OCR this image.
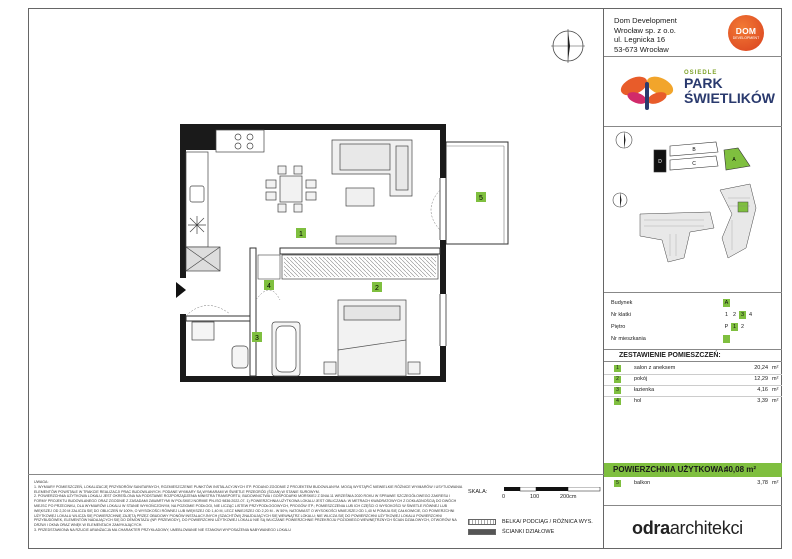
1
2
3
4
5
Dom Development
Wrocław sp. z o.o.
ul. Legnicka 16
53-673 Wrocław
DOM
DEVELOPMENT
OSIEDLE
PARK
ŚWIETLIKÓW
D
B
C
A
Budynek	A
Nr klatki	1 2 3 4
Piętro	P 1 2
Nr mieszkania
ZESTAWIENIE POMIESZCZEŃ:
1	salon z aneksem	20,24 m²
2	pokój	12,29 m²
3	łazienka	4,16 m²
4	hol	3,39 m²
POWIERZCHNIA UŻYTKOWA:
40,08 m²
5	balkon	3,78 m²
odraarchitekci
UWAGA:
1. WYMIARY POMIESZCZEŃ, LOKALIZACJĘ PRZYBORÓW SANITARNYCH, ROZMIESZCZENIE PUNKTÓW INSTALACYJNYCH ITP. PODANO ZGODNIE Z PROJEKTEM BUDOWLANYM. MOGĄ WYSTĄPIĆ NIEWIELKIE RÓŻNICE WYMIARÓW I USYTUOWANIA ELEMENTÓW POWSTAŁE W TRAKCIE REALIZACJI PRAC BUDOWLANYCH. PODANE WYMIARY SĄ WYMIARAMI W ŚWIETLE PRZEGRÓD (ŚCIAN) W STANIE SUROWYM.
2. POWIERZCHNIA UŻYTKOWA LOKALU JEST OKREŚLONA NA PODSTAWIE ROZPORZĄDZENIA MINISTRA TRANSPORTU, BUDOWNICTWA I GOSPODARKI MORSKIEJ Z DNIA 11 WRZEŚNIA 2020 ROKU W SPRAWIE SZCZEGÓŁOWEGO ZAKRESU I FORMY PROJEKTU BUDOWLANEGO ORAZ ZGODNIE Z ZASADAMI ZAWARTYMI W POLSKIEJ NORMIE PN-ISO 9836:2022-07. 1) POWIERZCHNIA UŻYTKOWA LOKALU JEST OBLICZANA: W METRACH KWADRATOWYCH Z DOKŁADNOŚCIĄ DO DWÓCH MIEJSC PO PRZECINKU, DLA WYMIARÓW LOKALU W STANIE WYKOŃCZONYM, NA POZIOMIE PODŁOGI, NIE LICZĄC LISTEW PRZYPODŁOGOWYCH, PROGÓW ITP.; POMIESZCZENIA LUB ICH CZĘŚCI O WYSOKOŚCI W ŚWIETLE RÓWNEJ LUB WIĘKSZEJ OD 2,20 M ZALICZA SIĘ DO OBLICZEŃ W 100%, O WYSOKOŚCI RÓWNEJ LUB WIĘKSZEJ OD 1,40 M, LECZ MNIEJSZEJ OD 2,20 M - W 50%, NATOMIAST O WYSOKOŚCI MNIEJSZEJ OD 1,40 M POMIJA SIĘ CAŁKOWICIE, DO POWIERZCHNI UŻYTKOWEJ LOKALU WLICZA SIĘ POWIERZCHNIĘ ZAJĘTĄ PRZEZ OBUDOWY PIONÓW INSTALACYJNYCH (SZACHTÓW) ZNAJDUJĄCYCH SIĘ WEWNĄTRZ LOKALU; NIE WLICZA SIĘ DO POWIERZCHNI UŻYTKOWEJ LOKALU POWIERZCHNI PRZYBUDÓWEK, ELEMENTÓW NADAJĄCYCH SIĘ DO DEMONTAŻU (NP. PRZEWODY), DO POWIERZCHNI UŻYTKOWEJ LOKALU NIE SĄ WLICZANE POWIERZCHNIE PRZEKROJU POZIOMEGO WEWNĘTRZNYCH ŚCIAN DZIAŁOWYCH, OTWORÓW NA DRZWI I OKNA ORAZ WNĘK W ELEMENTACH ZAMYKAJĄCYCH.
3. PRZEDSTAWIONA NA RZUCIE ARANŻACJA MA CHARAKTER PRZYKŁADOWY, UMEBLOWANIE NIE STANOWI WYPOSAŻENIA NABYWANEGO LOKALU
SKALA:
0	100	200cm
BELKA/ PODCIĄG / RÓŻNICA WYS.
ŚCIANKI DZIAŁOWE
